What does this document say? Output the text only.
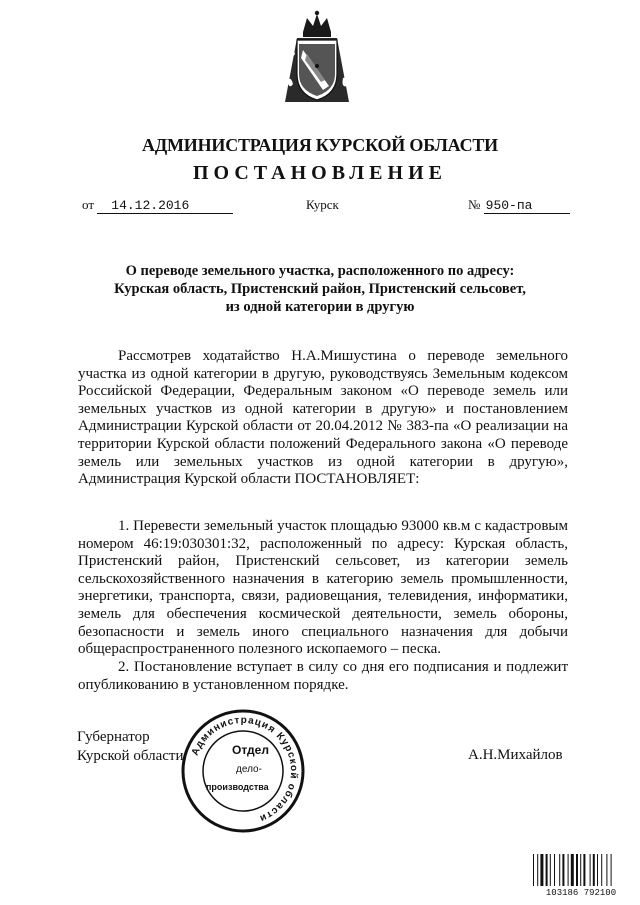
АДМИНИСТРАЦИЯ КУРСКОЙ ОБЛАСТИ
ПОСТАНОВЛЕНИЕ
от 14.12.2016	Курск	№ 950-па
О переводе земельного участка, расположенного по адресу:
Курская область, Пристенский район, Пристенский сельсовет,
из одной категории в другую
Рассмотрев ходатайство Н.А.Мишустина о переводе земельного участка из одной категории в другую, руководствуясь Земельным кодексом Российской Федерации, Федеральным законом «О переводе земель или земельных участков из одной категории в другую» и постановлением Администрации Курской области от 20.04.2012 № 383-па «О реализации на территории Курской области положений Федерального закона «О переводе земель или земельных участков из одной категории в другую», Администрация Курской области ПОСТАНОВЛЯЕТ:
1. Перевести земельный участок площадью 93000 кв.м с кадастровым номером 46:19:030301:32, расположенный по адресу: Курская область, Пристенский район, Пристенский сельсовет, из категории земель сельскохозяйственного назначения в категорию земель промышленности, энергетики, транспорта, связи, радиовещания, телевидения, информатики, земель для обеспечения космической деятельности, земель обороны, безопасности и земель иного специального назначения для добычи общераспространенного полезного ископаемого – песка.
2. Постановление вступает в силу со дня его подписания и подлежит опубликованию в установленном порядке.
Губернатор
Курской области	А.Н.Михайлов
Администрация Курской области
Отдел
дело-
производства
103186 792100
